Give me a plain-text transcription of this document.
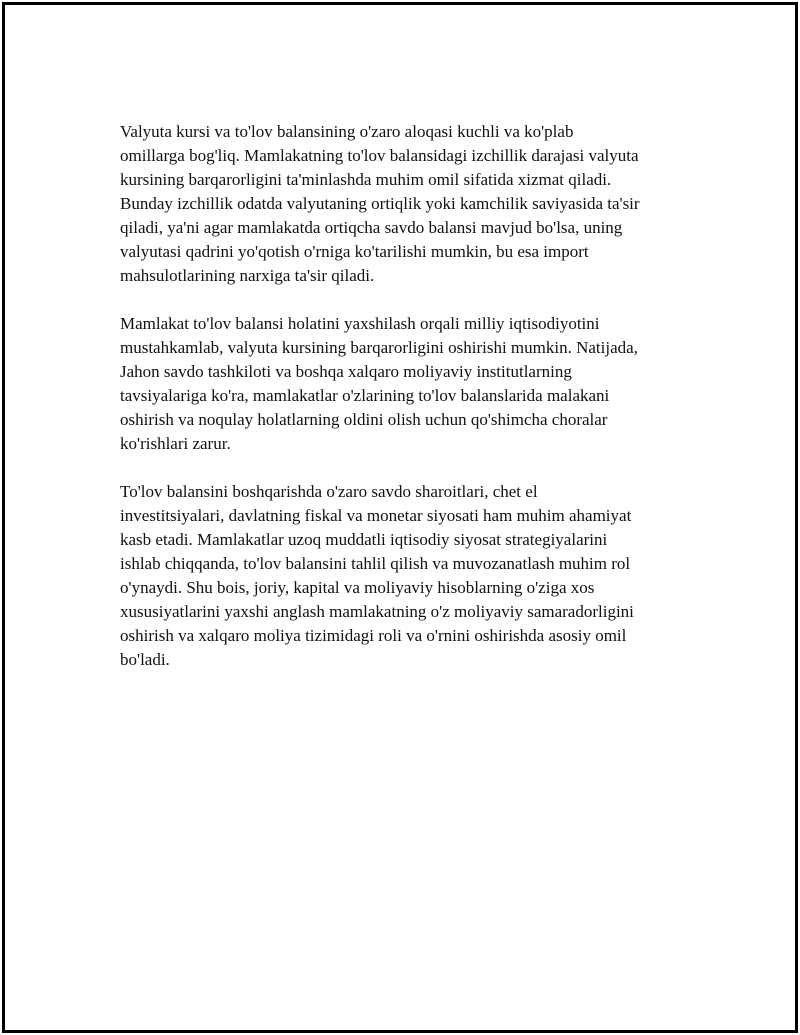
Valyuta kursi va to'lov balansining o'zaro aloqasi kuchli va ko'plab
omillarga bog'liq. Mamlakatning to'lov balansidagi izchillik darajasi valyuta
kursining barqarorligini ta'minlashda muhim omil sifatida xizmat qiladi.
Bunday izchillik odatda valyutaning ortiqlik yoki kamchilik saviyasida ta'sir
qiladi, ya'ni agar mamlakatda ortiqcha savdo balansi mavjud bo'lsa, uning
valyutasi qadrini yo'qotish o'rniga ko'tarilishi mumkin, bu esa import
mahsulotlarining narxiga ta'sir qiladi.

Mamlakat to'lov balansi holatini yaxshilash orqali milliy iqtisodiyotini
mustahkamlab, valyuta kursining barqarorligini oshirishi mumkin. Natijada,
Jahon savdo tashkiloti va boshqa xalqaro moliyaviy institutlarning
tavsiyalariga ko'ra, mamlakatlar o'zlarining to'lov balanslarida malakani
oshirish va noqulay holatlarning oldini olish uchun qo'shimcha choralar
ko'rishlari zarur.

To'lov balansini boshqarishda o'zaro savdo sharoitlari, chet el
investitsiyalari, davlatning fiskal va monetar siyosati ham muhim ahamiyat
kasb etadi. Mamlakatlar uzoq muddatli iqtisodiy siyosat strategiyalarini
ishlab chiqqanda, to'lov balansini tahlil qilish va muvozanatlash muhim rol
o'ynaydi. Shu bois, joriy, kapital va moliyaviy hisoblarning o'ziga xos
xususiyatlarini yaxshi anglash mamlakatning o'z moliyaviy samaradorligini
oshirish va xalqaro moliya tizimidagi roli va o'rnini oshirishda asosiy omil
bo'ladi.
